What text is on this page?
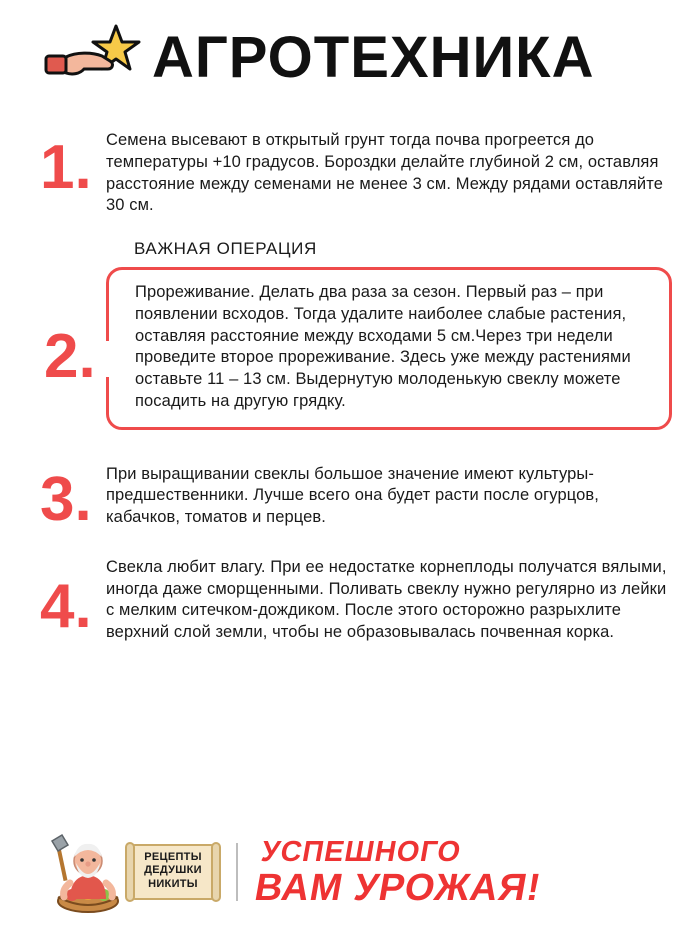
АГРОТЕХНИКА
1. Семена высевают в открытый грунт тогда почва прогреется до температуры +10 градусов. Бороздки делайте глубиной 2 см, оставляя расстояние между семенами не менее 3 см. Между рядами оставляйте 30 см.

ВАЖНАЯ ОПЕРАЦИЯ

Прореживание. Делать два раза за сезон. Первый раз – при появлении всходов. Тогда удалите наиболее слабые растения, оставляя расстояние между всходами 5 см.Через три недели проведите второе прореживание. Здесь уже между растениями оставьте 11 – 13 см. Выдернутую молоденькую свеклу можете посадить на другую грядку.

2.
3. При выращивании свеклы большое значение имеют культуры-предшественники. Лучше всего она будет расти после огурцов, кабачков, томатов и перцев.

4.

Свекла любит влагу. При ее недостатке корнеплоды получатся вялыми, иногда даже сморщенными. Поливать свеклу нужно регулярно из лейки с мелким ситечком-дождиком. После этого осторожно разрыхлите верхний слой земли, чтобы не образовывалась почвенная корка.

РЕЦЕПТЫ ДЕДУШКИ НИКИТЫ
УСПЕШНОГО
ВАМ УРОЖАЯ!
